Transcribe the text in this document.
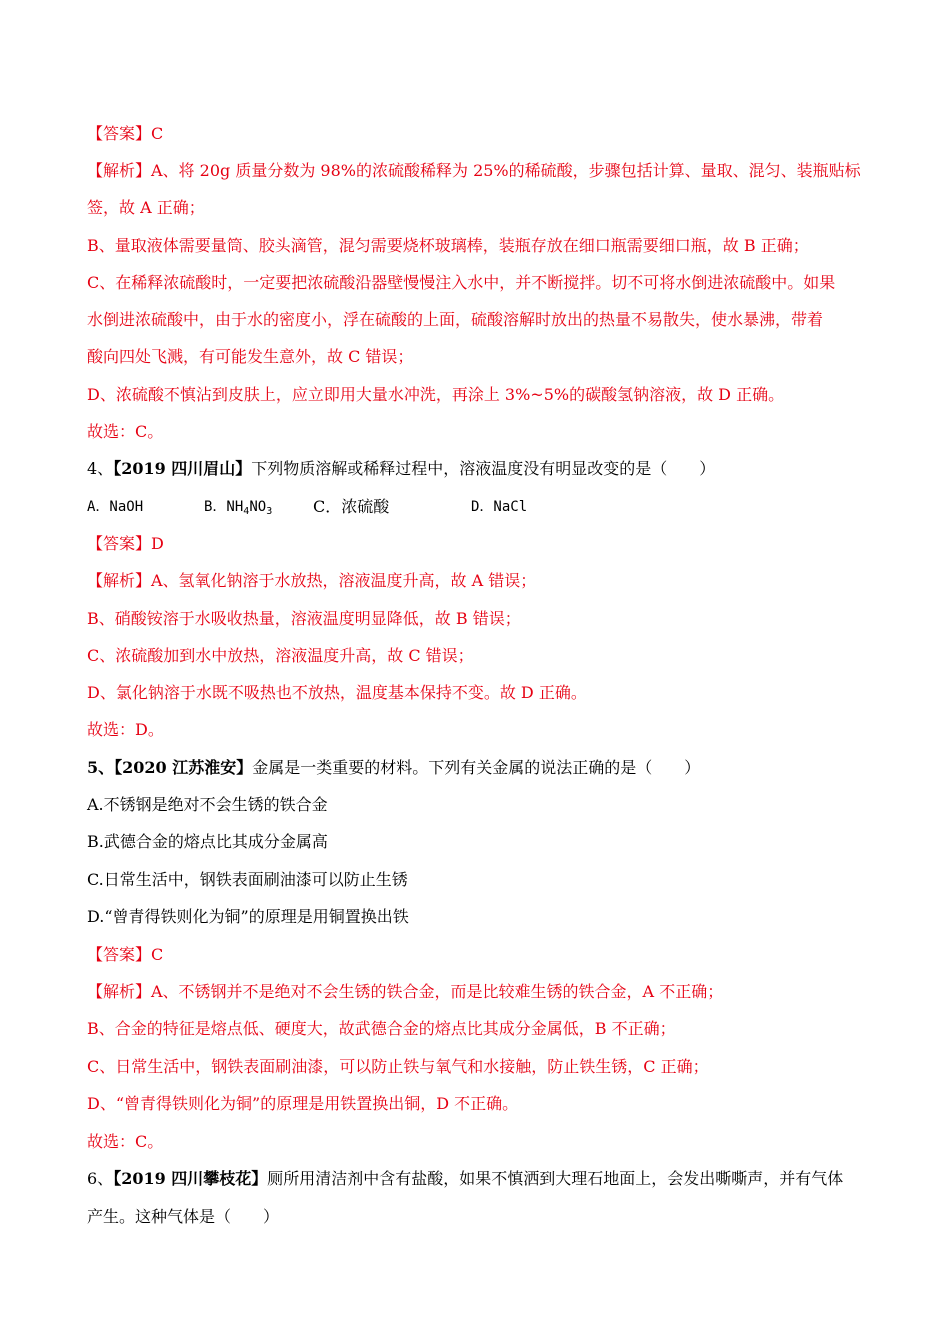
【答案】C
【解析】A、将 20g 质量分数为 98%的浓硫酸稀释为 25%的稀硫酸，步骤包括计算、量取、混匀、装瓶贴标
签，故 A 正确；
B、量取液体需要量筒、胶头滴管，混匀需要烧杯玻璃棒，装瓶存放在细口瓶需要细口瓶，故 B 正确；
C、在稀释浓硫酸时，一定要把浓硫酸沿器壁慢慢注入水中，并不断搅拌。切不可将水倒进浓硫酸中。如果
水倒进浓硫酸中，由于水的密度小，浮在硫酸的上面，硫酸溶解时放出的热量不易散失，使水暴沸，带着
酸向四处飞溅，有可能发生意外，故 C 错误；
D、浓硫酸不慎沾到皮肤上，应立即用大量水冲洗，再涂上 3%~5%的碳酸氢钠溶液，故 D 正确。
故选：C。
4、【2019 四川眉山】下列物质溶解或稀释过程中，溶液温度没有明显改变的是（　　）
A．NaOH	B．$NH_4NO_3$	C．浓硫酸	D．NaCl
【答案】D
【解析】A、氢氧化钠溶于水放热，溶液温度升高，故 A 错误；
B、硝酸铵溶于水吸收热量，溶液温度明显降低，故 B 错误；
C、浓硫酸加到水中放热，溶液温度升高，故 C 错误；
D、氯化钠溶于水既不吸热也不放热，温度基本保持不变。故 D 正确。
故选：D。
5、【2020 江苏淮安】金属是一类重要的材料。下列有关金属的说法正确的是（　　）
A.不锈钢是绝对不会生锈的铁合金
B.武德合金的熔点比其成分金属高
C.日常生活中，钢铁表面刷油漆可以防止生锈
D.“曾青得铁则化为铜”的原理是用铜置换出铁
【答案】C
【解析】A、不锈钢并不是绝对不会生锈的铁合金，而是比较难生锈的铁合金，A 不正确；
B、合金的特征是熔点低、硬度大，故武德合金的熔点比其成分金属低，B 不正确；
C、日常生活中，钢铁表面刷油漆，可以防止铁与氧气和水接触，防止铁生锈，C 正确；
D、“曾青得铁则化为铜”的原理是用铁置换出铜，D 不正确。
故选：C。
6、【2019 四川攀枝花】厕所用清洁剂中含有盐酸，如果不慎洒到大理石地面上，会发出嘶嘶声，并有气体
产生。这种气体是（　　）
